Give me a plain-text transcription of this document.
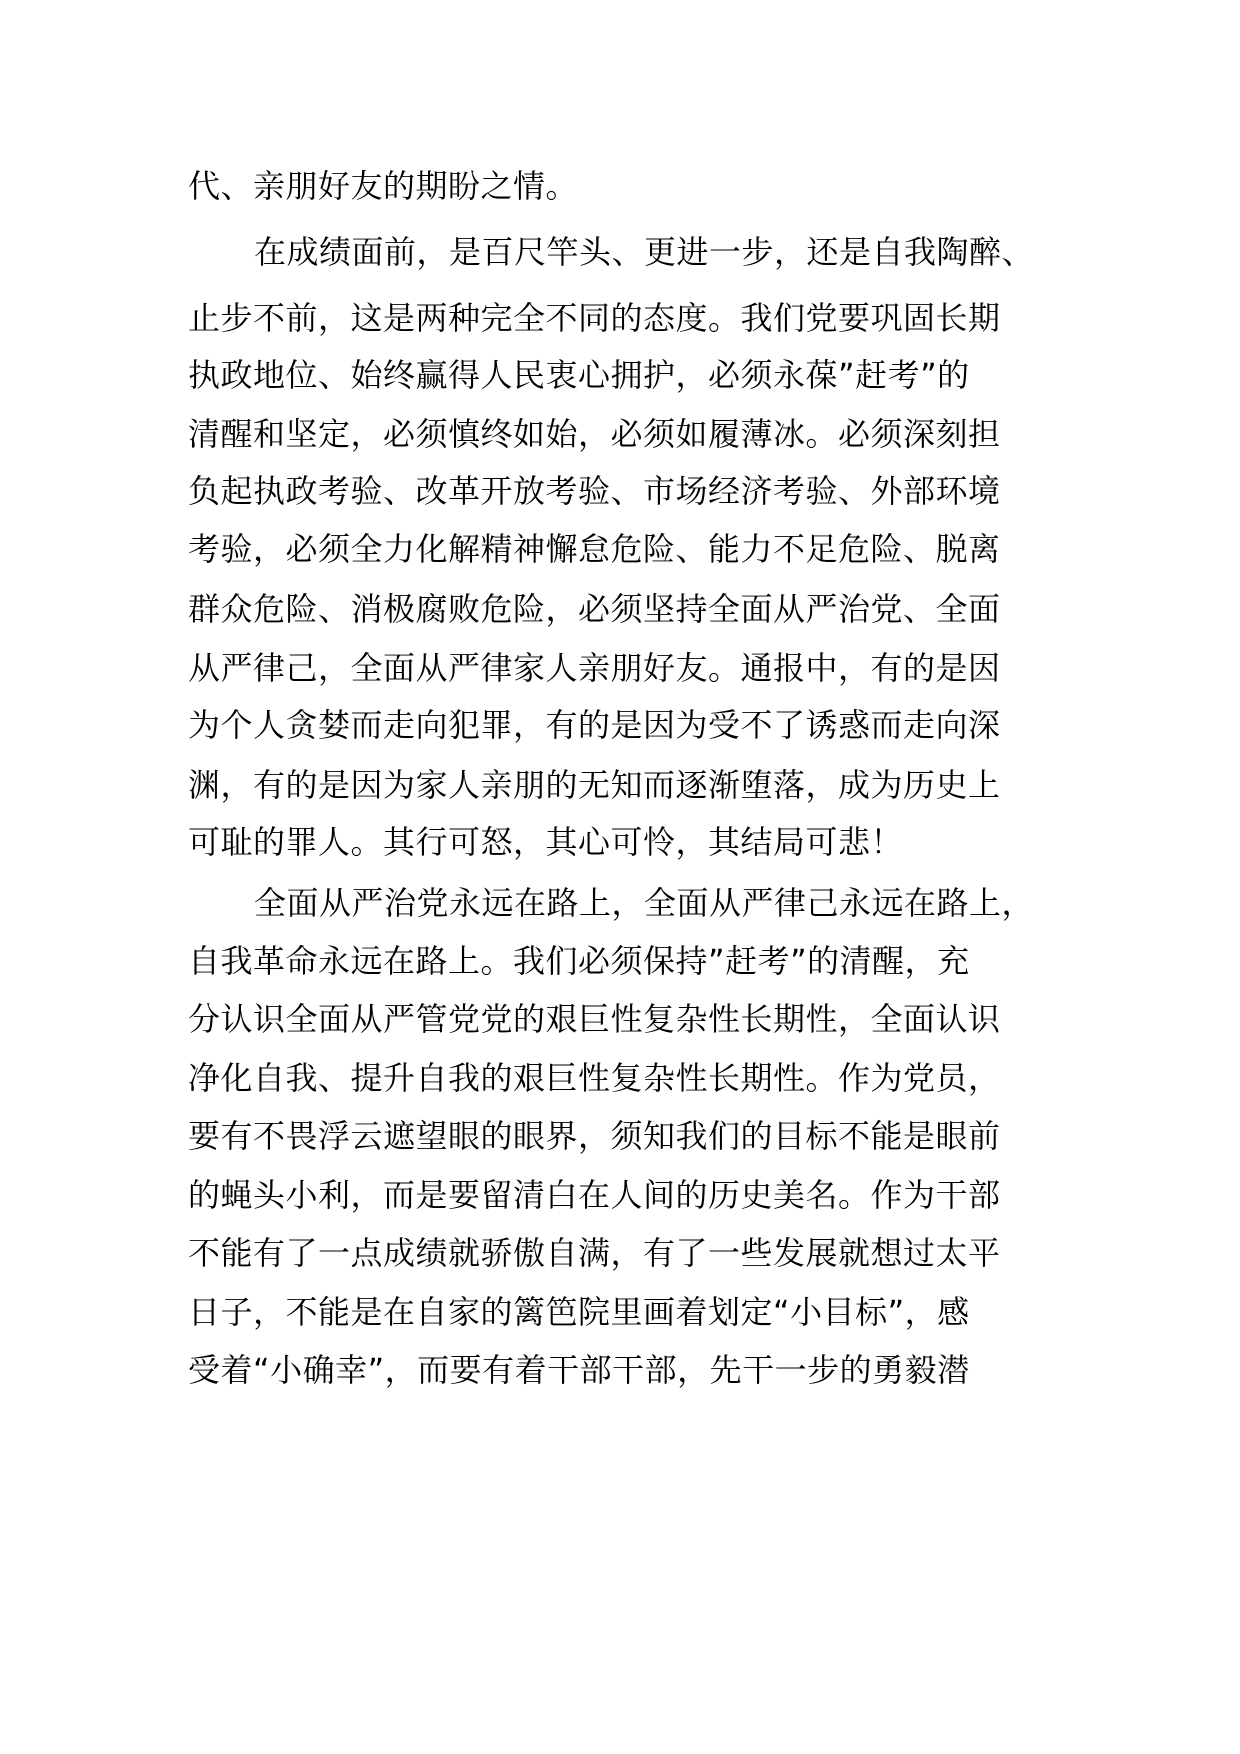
代、亲朋好友的期盼之情。
在成绩面前，是百尺竿头、更进一步，还是自我陶醉、
止步不前，这是两种完全不同的态度。我们党要巩固长期
执政地位、始终赢得人民衷心拥护，必须永葆”赶考”的
清醒和坚定，必须慎终如始，必须如履薄冰。必须深刻担
负起执政考验、改革开放考验、市场经济考验、外部环境
考验，必须全力化解精神懈怠危险、能力不足危险、脱离
群众危险、消极腐败危险，必须坚持全面从严治党、全面
从严律己，全面从严律家人亲朋好友。通报中，有的是因
为个人贪婪而走向犯罪，有的是因为受不了诱惑而走向深
渊，有的是因为家人亲朋的无知而逐渐堕落，成为历史上
可耻的罪人。其行可怒，其心可怜，其结局可悲！
全面从严治党永远在路上，全面从严律己永远在路上，
自我革命永远在路上。我们必须保持”赶考”的清醒，充
分认识全面从严管党党的艰巨性复杂性长期性，全面认识
净化自我、提升自我的艰巨性复杂性长期性。作为党员，
要有不畏浮云遮望眼的眼界，须知我们的目标不能是眼前
的蝇头小利，而是要留清白在人间的历史美名。作为干部
不能有了一点成绩就骄傲自满，有了一些发展就想过太平
日子，不能是在自家的篱笆院里画着划定“小目标”，感
受着“小确幸”，而要有着干部干部，先干一步的勇毅潜
